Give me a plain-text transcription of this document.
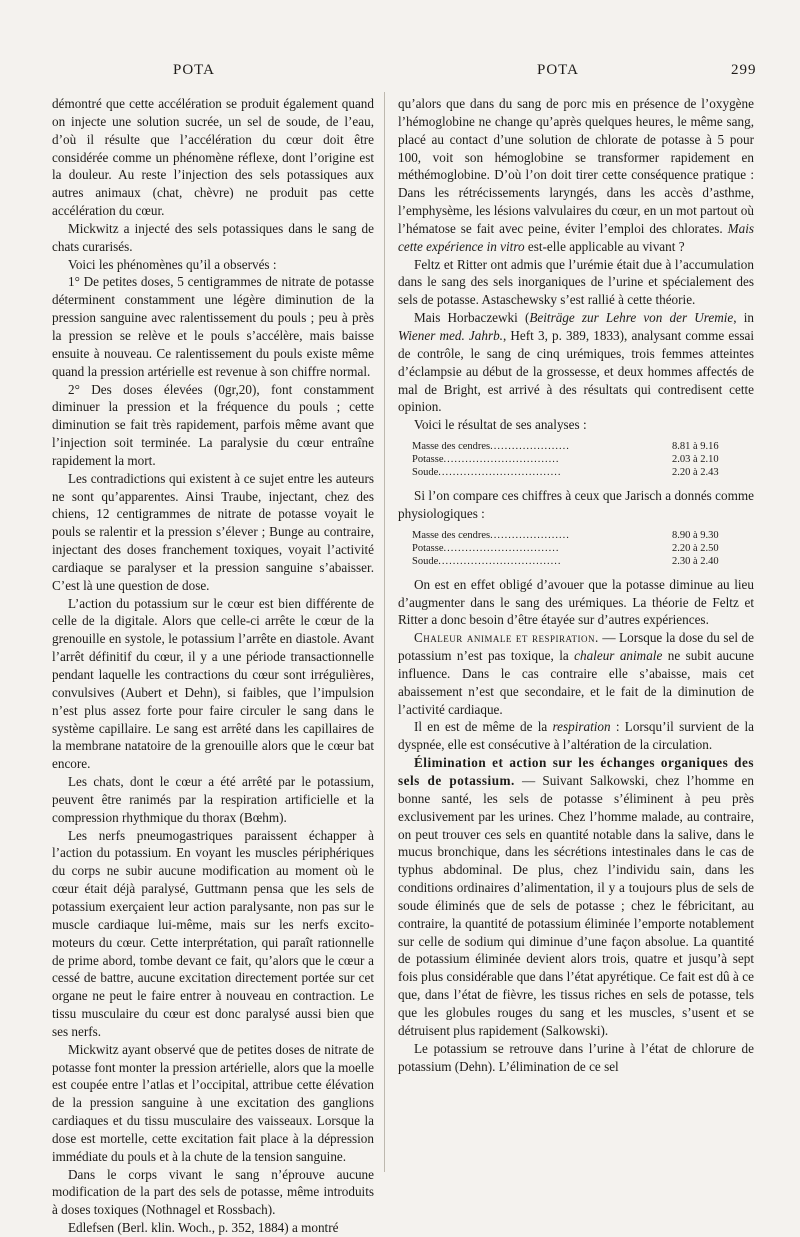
POTA	POTA	299

démontré que cette accélération se produit également quand on injecte une solution sucrée, un sel de soude, de l’eau, d’où il résulte que l’accélération du cœur doit être considérée comme un phénomène réflexe, dont l’origine est la douleur. Au reste l’injection des sels potassiques aux autres animaux (chat, chèvre) ne produit pas cette accélération du cœur.

Mickwitz a injecté des sels potassiques dans le sang de chats curarisés.

Voici les phénomènes qu’il a observés :

1° De petites doses, 5 centigrammes de nitrate de potasse déterminent constamment une légère diminution de la pression sanguine avec ralentissement du pouls ; peu à près la pression se relève et le pouls s’accélère, mais baisse ensuite à nouveau. Ce ralentissement du pouls existe même quand la pression artérielle est revenue à son chiffre normal.

2° Des doses élevées (0gr,20), font constamment diminuer la pression et la fréquence du pouls ; cette diminution se fait très rapidement, parfois même avant que l’injection soit terminée. La paralysie du cœur entraîne rapidement la mort.

Les contradictions qui existent à ce sujet entre les auteurs ne sont qu’apparentes. Ainsi Traube, injectant, chez des chiens, 12 centigrammes de nitrate de potasse voyait le pouls se ralentir et la pression s’élever ; Bunge au contraire, injectant des doses franchement toxiques, voyait l’activité cardiaque se paralyser et la pression sanguine s’abaisser. C’est là une question de dose.

L’action du potassium sur le cœur est bien différente de celle de la digitale. Alors que celle-ci arrête le cœur de la grenouille en systole, le potassium l’arrête en diastole. Avant l’arrêt définitif du cœur, il y a une période transactionnelle pendant laquelle les contractions du cœur sont irrégulières, convulsives (Aubert et Dehn), si faibles, que l’impulsion n’est plus assez forte pour faire circuler le sang dans le système capillaire. Le sang est arrêté dans les capillaires de la membrane natatoire de la grenouille alors que le cœur bat encore.

Les chats, dont le cœur a été arrêté par le potassium, peuvent être ranimés par la respiration artificielle et la compression rhythmique du thorax (Bœhm).

Les nerfs pneumogastriques paraissent échapper à l’action du potassium. En voyant les muscles périphériques du corps ne subir aucune modification au moment où le cœur était déjà paralysé, Guttmann pensa que les sels de potassium exerçaient leur action paralysante, non pas sur le muscle cardiaque lui-même, mais sur les nerfs excito-moteurs du cœur. Cette interprétation, qui paraît rationnelle de prime abord, tombe devant ce fait, qu’alors que le cœur a cessé de battre, aucune excitation directement portée sur cet organe ne peut le faire entrer à nouveau en contraction. Le tissu musculaire du cœur est donc paralysé aussi bien que ses nerfs.

Mickwitz ayant observé que de petites doses de nitrate de potasse font monter la pression artérielle, alors que la moelle est coupée entre l’atlas et l’occipital, attribue cette élévation de la pression sanguine à une excitation des ganglions cardiaques et du tissu musculaire des vaisseaux. Lorsque la dose est mortelle, cette excitation fait place à la dépression immédiate du pouls et à la chute de la tension sanguine.

Dans le corps vivant le sang n’éprouve aucune modification de la part des sels de potasse, même introduits à doses toxiques (Nothnagel et Rossbach).

Edlefsen (Berl. klin. Woch., p. 352, 1884) a montré

qu’alors que dans du sang de porc mis en présence de l’oxygène l’hémoglobine ne change qu’après quelques heures, le même sang, placé au contact d’une solution de chlorate de potasse à 5 pour 100, voit son hémoglobine se transformer rapidement en méthémoglobine. D’où l’on doit tirer cette conséquence pratique : Dans les rétrécissements laryngés, dans les accès d’asthme, l’emphysème, les lésions valvulaires du cœur, en un mot partout où l’hématose se fait avec peine, éviter l’emploi des chlorates. Mais cette expérience in vitro est-elle applicable au vivant ?

Feltz et Ritter ont admis que l’urémie était due à l’accumulation dans le sang des sels inorganiques de l’urine et spécialement des sels de potasse. Astaschewsky s’est rallié à cette théorie.

Mais Horbaczewki (Beiträge zur Lehre von der Uremie, in Wiener med. Jahrb., Heft 3, p. 389, 1833), analysant comme essai de contrôle, le sang de cinq urémiques, trois femmes atteintes d’éclampsie au début de la grossesse, et deux hommes affectés de mal de Bright, est arrivé à des résultats qui contredisent cette opinion.

Voici le résultat de ses analyses :

Masse des cendres......................	8.81 à 9.16
Potasse................................	2.03 à 2.10
Soude..................................	2.20 à 2.43

Si l’on compare ces chiffres à ceux que Jarisch a donnés comme physiologiques :

Masse des cendres......................	8.90 à 9.30
Potasse................................	2.20 à 2.50
Soude..................................	2.30 à 2.40

On est en effet obligé d’avouer que la potasse diminue au lieu d’augmenter dans le sang des urémiques. La théorie de Feltz et Ritter a donc besoin d’être étayée sur d’autres expériences.

Chaleur animale et respiration. — Lorsque la dose du sel de potassium n’est pas toxique, la chaleur animale ne subit aucune influence. Dans le cas contraire elle s’abaisse, mais cet abaissement n’est que secondaire, et le fait de la diminution de l’activité cardiaque.

Il en est de même de la respiration : Lorsqu’il survient de la dyspnée, elle est consécutive à l’altération de la circulation.

Élimination et action sur les échanges organiques des sels de potassium. — Suivant Salkowski, chez l’homme en bonne santé, les sels de potasse s’éliminent à peu près exclusivement par les urines. Chez l’homme malade, au contraire, on peut trouver ces sels en quantité notable dans la salive, dans le mucus bronchique, dans les sécrétions intestinales dans le cas de typhus abdominal. De plus, chez l’individu sain, dans les conditions ordinaires d’alimentation, il y a toujours plus de sels de soude éliminés que de sels de potasse ; chez le fébricitant, au contraire, la quantité de potassium éliminée l’emporte notablement sur celle de sodium qui diminue d’une façon absolue. La quantité de potassium éliminée devient alors trois, quatre et jusqu’à sept fois plus considérable que dans l’état apyrétique. Ce fait est dû à ce que, dans l’état de fièvre, les tissus riches en sels de potasse, tels que les globules rouges du sang et les muscles, s’usent et se détruisent plus rapidement (Salkowski).

Le potassium se retrouve dans l’urine à l’état de chlorure de potassium (Dehn). L’élimination de ce sel
